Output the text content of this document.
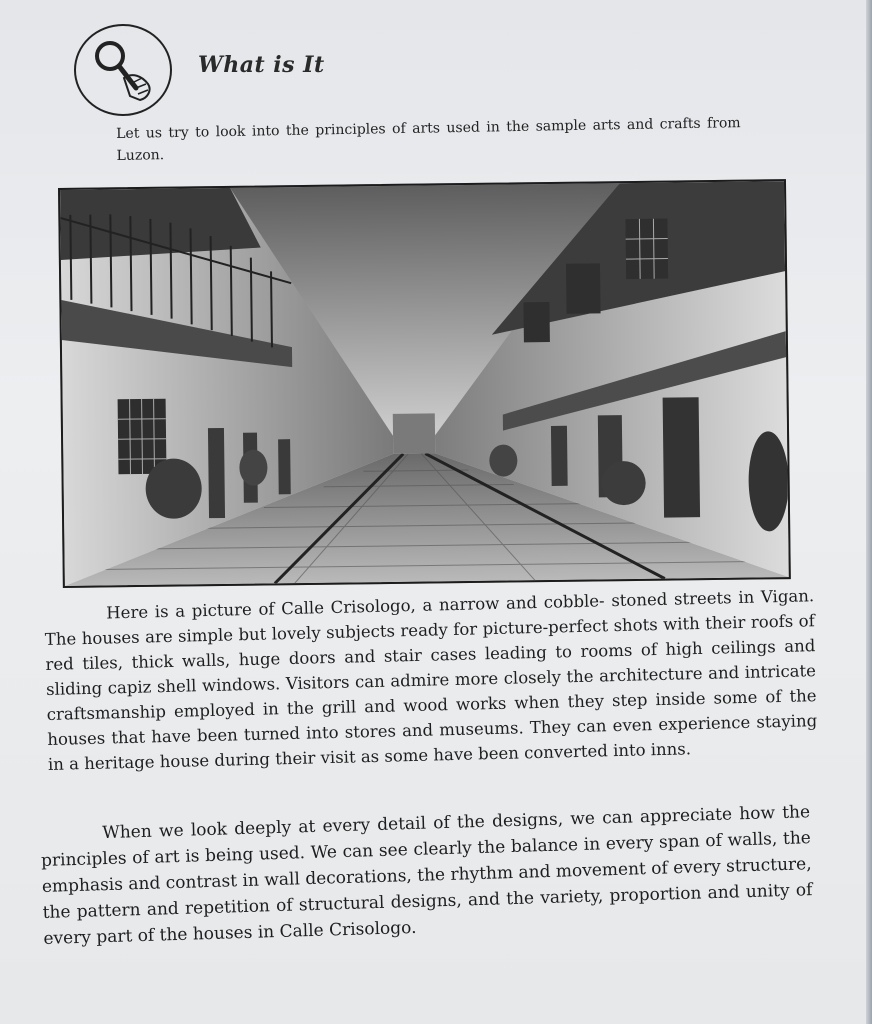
What is It
Let us try to look into the principles of arts used in the sample arts and crafts from Luzon.

Here is a picture of Calle Crisologo, a narrow and cobble- stoned streets in Vigan. The houses are simple but lovely subjects ready for picture-perfect shots with their roofs of red tiles, thick walls, huge doors and stair cases leading to rooms of high ceilings and sliding capiz shell windows. Visitors can admire more closely the architecture and intricate craftsmanship employed in the grill and wood works when they step inside some of the houses that have been turned into stores and museums. They can even experience staying in a heritage house during their visit as some have been converted into inns.

When we look deeply at every detail of the designs, we can appreciate how the principles of art is being used. We can see clearly the balance in every span of walls, the emphasis and contrast in wall decorations, the rhythm and movement of every structure, the pattern and repetition of structural designs, and the variety, proportion and unity of every part of the houses in Calle Crisologo.
